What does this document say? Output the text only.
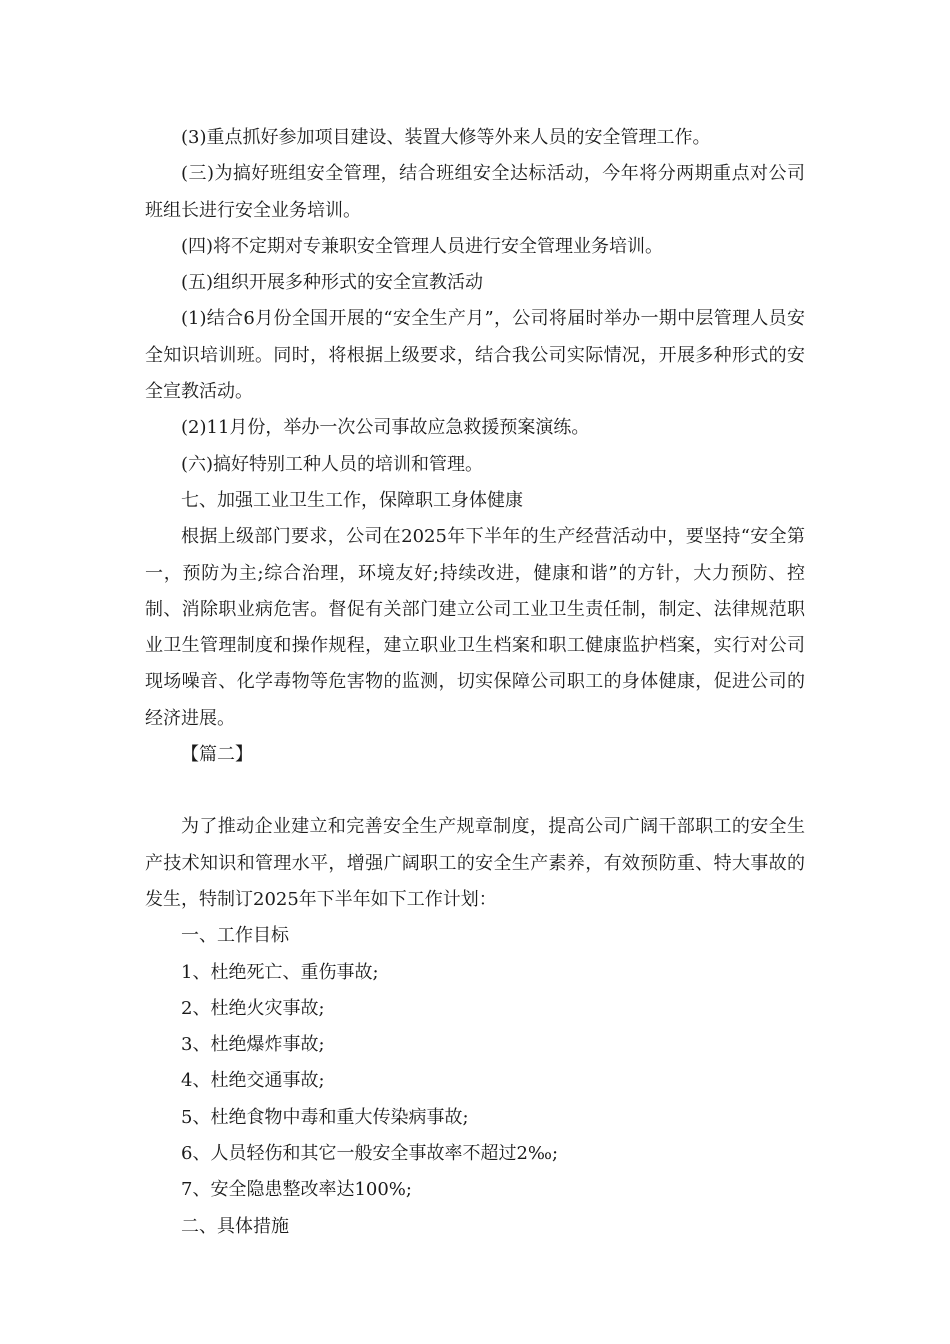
(3)重点抓好参加项目建设、装置大修等外来人员的安全管理工作。

(三)为搞好班组安全管理，结合班组安全达标活动，今年将分两期重点对公司班组长进行安全业务培训。

(四)将不定期对专兼职安全管理人员进行安全管理业务培训。

(五)组织开展多种形式的安全宣教活动

(1)结合6月份全国开展的“安全生产月”，公司将届时举办一期中层管理人员安全知识培训班。同时，将根据上级要求，结合我公司实际情况，开展多种形式的安全宣教活动。

(2)11月份，举办一次公司事故应急救援预案演练。

(六)搞好特别工种人员的培训和管理。

七、加强工业卫生工作，保障职工身体健康

根据上级部门要求，公司在2025年下半年的生产经营活动中，要坚持“安全第一，预防为主;综合治理，环境友好;持续改进，健康和谐”的方针，大力预防、控制、消除职业病危害。督促有关部门建立公司工业卫生责任制，制定、法律规范职业卫生管理制度和操作规程，建立职业卫生档案和职工健康监护档案，实行对公司现场噪音、化学毒物等危害物的监测，切实保障公司职工的身体健康，促进公司的经济进展。

【篇二】

为了推动企业建立和完善安全生产规章制度，提高公司广阔干部职工的安全生产技术知识和管理水平，增强广阔职工的安全生产素养，有效预防重、特大事故的发生，特制订2025年下半年如下工作计划：

一、工作目标

1、杜绝死亡、重伤事故;

2、杜绝火灾事故;

3、杜绝爆炸事故;

4、杜绝交通事故;

5、杜绝食物中毒和重大传染病事故;

6、人员轻伤和其它一般安全事故率不超过2‰;

7、安全隐患整改率达100%;

二、具体措施
